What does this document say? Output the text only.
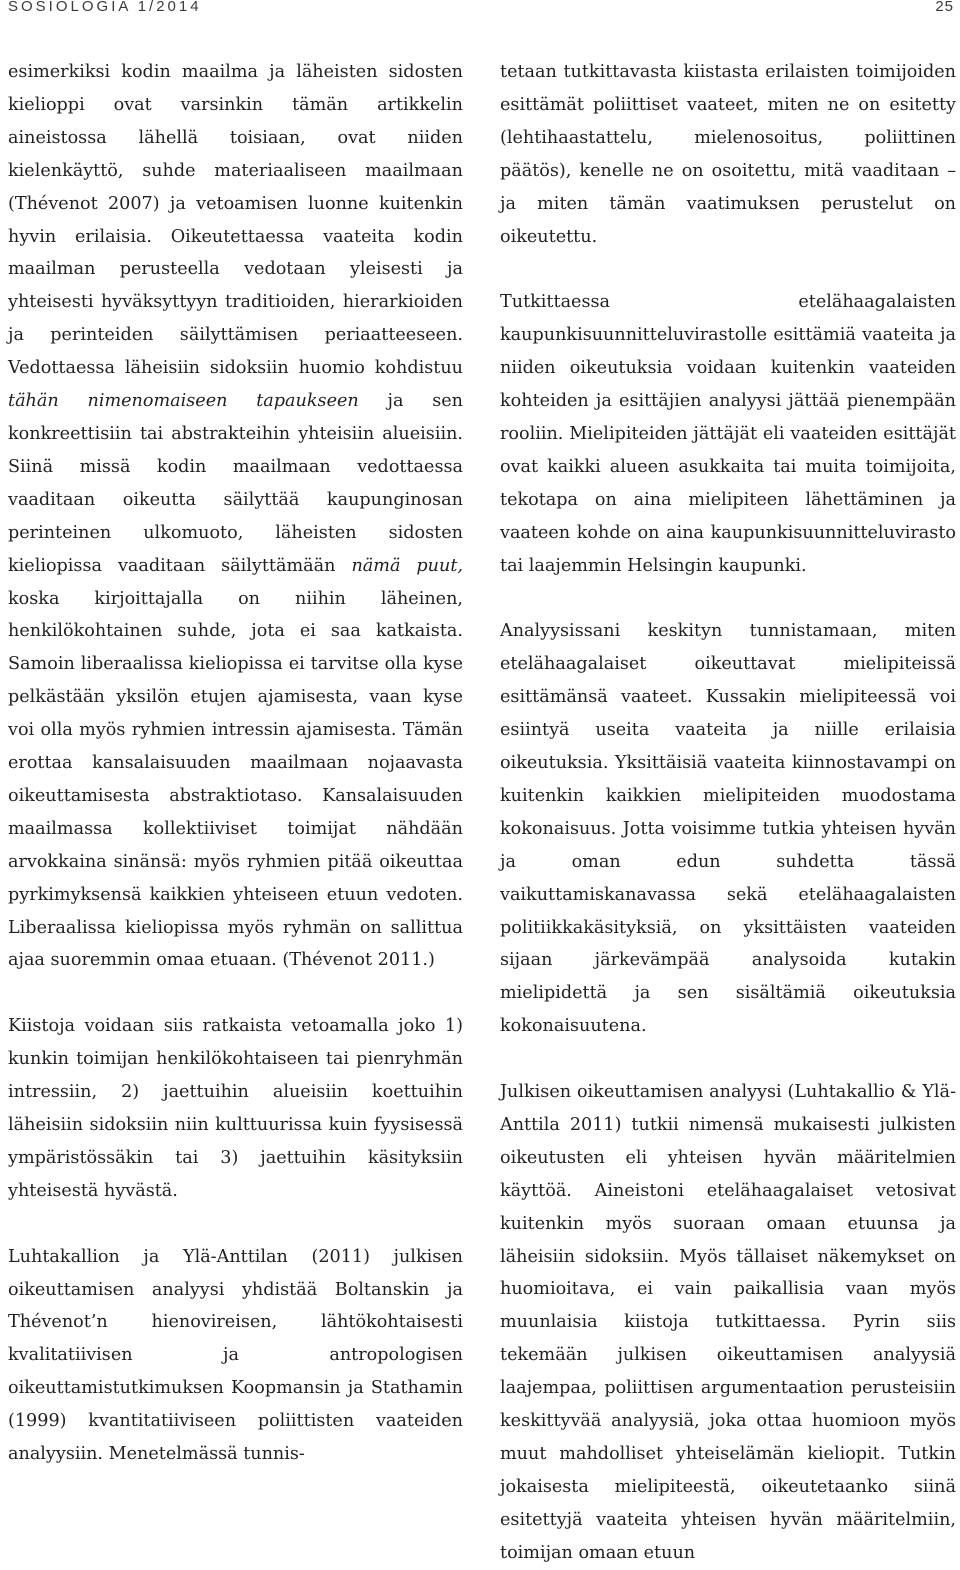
SOSIOLOGIA 1/2014	25

esimerkiksi kodin maailma ja läheisten sidosten kielioppi ovat varsinkin tämän artikkelin aineistossa lähellä toisiaan, ovat niiden kielenkäyttö, suhde materiaaliseen maailmaan (Thévenot 2007) ja vetoamisen luonne kuitenkin hyvin erilaisia. Oikeutettaessa vaateita kodin maailman perusteella vedotaan yleisesti ja yhteisesti hyväksyttyyn traditioiden, hierarkioiden ja perinteiden säilyttämisen periaatteeseen. Vedottaessa läheisiin sidoksiin huomio kohdistuu tähän nimenomaiseen tapaukseen ja sen konkreettisiin tai abstrakteihin yhteisiin alueisiin. Siinä missä kodin maailmaan vedottaessa vaaditaan oikeutta säilyttää kaupunginosan perinteinen ulkomuoto, läheisten sidosten kieliopissa vaaditaan säilyttämään nämä puut, koska kirjoittajalla on niihin läheinen, henkilökohtainen suhde, jota ei saa katkaista. Samoin liberaalissa kieliopissa ei tarvitse olla kyse pelkästään yksilön etujen ajamisesta, vaan kyse voi olla myös ryhmien intressin ajamisesta. Tämän erottaa kansalaisuuden maailmaan nojaavasta oikeuttamisesta abstraktiotaso. Kansalaisuuden maailmassa kollektiiviset toimijat nähdään arvokkaina sinänsä: myös ryhmien pitää oikeuttaa pyrkimyksensä kaikkien yhteiseen etuun vedoten. Liberaalissa kieliopissa myös ryhmän on sallittua ajaa suoremmin omaa etuaan. (Thévenot 2011.)

Kiistoja voidaan siis ratkaista vetoamalla joko 1) kunkin toimijan henkilökohtaiseen tai pienryhmän intressiin, 2) jaettuihin alueisiin koettuihin läheisiin sidoksiin niin kulttuurissa kuin fyysisessä ympäristössäkin tai 3) jaettuihin käsityksiin yhteisestä hyvästä.

Luhtakallion ja Ylä-Anttilan (2011) julkisen oikeuttamisen analyysi yhdistää Boltanskin ja Thévenot’n hienovireisen, lähtökohtaisesti kvalitatiivisen ja antropologisen oikeuttamistutkimuksen Koopmansin ja Stathamin (1999) kvantitatiiviseen poliittisten vaateiden analyysiin. Menetelmässä tunnis-

tetaan tutkittavasta kiistasta erilaisten toimijoiden esittämät poliittiset vaateet, miten ne on esitetty (lehtihaastattelu, mielenosoitus, poliittinen päätös), kenelle ne on osoitettu, mitä vaaditaan – ja miten tämän vaatimuksen perustelut on oikeutettu.

Tutkittaessa etelähaagalaisten kaupunkisuunnitteluvirastolle esittämiä vaateita ja niiden oikeutuksia voidaan kuitenkin vaateiden kohteiden ja esittäjien analyysi jättää pienempään rooliin. Mielipiteiden jättäjät eli vaateiden esittäjät ovat kaikki alueen asukkaita tai muita toimijoita, tekotapa on aina mielipiteen lähettäminen ja vaateen kohde on aina kaupunkisuunnitteluvirasto tai laajemmin Helsingin kaupunki.

Analyysissani keskityn tunnistamaan, miten etelähaagalaiset oikeuttavat mielipiteissä esittämänsä vaateet. Kussakin mielipiteessä voi esiintyä useita vaateita ja niille erilaisia oikeutuksia. Yksittäisiä vaateita kiinnostavampi on kuitenkin kaikkien mielipiteiden muodostama kokonaisuus. Jotta voisimme tutkia yhteisen hyvän ja oman edun suhdetta tässä vaikuttamiskanavassa sekä etelähaagalaisten politiikkakäsityksiä, on yksittäisten vaateiden sijaan järkevämpää analysoida kutakin mielipidettä ja sen sisältämiä oikeutuksia kokonaisuutena.

Julkisen oikeuttamisen analyysi (Luhtakallio & Ylä-Anttila 2011) tutkii nimensä mukaisesti julkisten oikeutusten eli yhteisen hyvän määritelmien käyttöä. Aineistoni etelähaagalaiset vetosivat kuitenkin myös suoraan omaan etuunsa ja läheisiin sidoksiin. Myös tällaiset näkemykset on huomioitava, ei vain paikallisia vaan myös muunlaisia kiistoja tutkittaessa. Pyrin siis tekemään julkisen oikeuttamisen analyysiä laajempaa, poliittisen argumentaation perusteisiin keskittyvää analyysiä, joka ottaa huomioon myös muut mahdolliset yhteiselämän kieliopit. Tutkin jokaisesta mielipiteestä, oikeutetaanko siinä esitettyjä vaateita yhteisen hyvän määritelmiin, toimijan omaan etuun
